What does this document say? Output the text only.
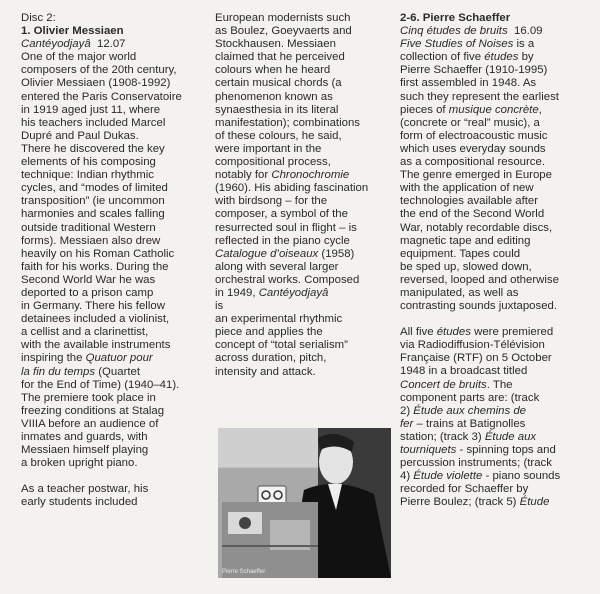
Disc 2:
1. Olivier Messiaen
Cantéyodjayâ 12.07
One of the major world
composers of the 20th century,
Olivier Messiaen (1908-1992)
entered the Paris Conservatoire
in 1919 aged just 11, where
his teachers included Marcel
Dupré and Paul Dukas.
There he discovered the key
elements of his composing
technique: Indian rhythmic
cycles, and “modes of limited
transposition” (ie uncommon
harmonies and scales falling
outside traditional Western
forms). Messiaen also drew
heavily on his Roman Catholic
faith for his works. During the
Second World War he was
deported to a prison camp
in Germany. There his fellow
detainees included a violinist,
a cellist and a clarinettist,
with the available instruments
inspiring the Quatuor pour
la fin du temps (Quartet
for the End of Time) (1940–41).
The premiere took place in
freezing conditions at Stalag
VIIIA before an audience of
inmates and guards, with
Messiaen himself playing
a broken upright piano.
As a teacher postwar, his
early students included
European modernists such
as Boulez, Goeyvaerts and
Stockhausen. Messiaen
claimed that he perceived
colours when he heard
certain musical chords (a
phenomenon known as
synaesthesia in its literal
manifestation); combinations
of these colours, he said,
were important in the
compositional process,
notably for Chronochromie
(1960). His abiding fascination
with birdsong – for the
composer, a symbol of the
resurrected soul in flight – is
reflected in the piano cycle
Catalogue d’oiseaux (1958)
along with several larger
orchestral works. Composed
in 1949, Cantéyodjayâ
is
an experimental rhythmic
piece and applies the
concept of “total serialism”
across duration, pitch,
intensity and attack.
Pierre Schaeffer
2-6. Pierre Schaeffer
Cinq études de bruits 16.09
Five Studies of Noises is a
collection of five études by
Pierre Schaeffer (1910-1995)
first assembled in 1948. As
such they represent the earliest
pieces of musique concrète,
(concrete or “real” music), a
form of electroacoustic music
which uses everyday sounds
as a compositional resource.
The genre emerged in Europe
with the application of new
technologies available after
the end of the Second World
War, notably recordable discs,
magnetic tape and editing
equipment. Tapes could
be sped up, slowed down,
reversed, looped and otherwise
manipulated, as well as
contrasting sounds juxtaposed.
All five études were premiered
via Radiodiffusion-Télévision
Française (RTF) on 5 October
1948 in a broadcast titled
Concert de bruits. The
component parts are: (track
2) Étude aux chemins de
fer – trains at Batignolles
station; (track 3) Étude aux
tourniquets - spinning tops and
percussion instruments; (track
4) Étude violette - piano sounds
recorded for Schaeffer by
Pierre Boulez; (track 5) Étude
